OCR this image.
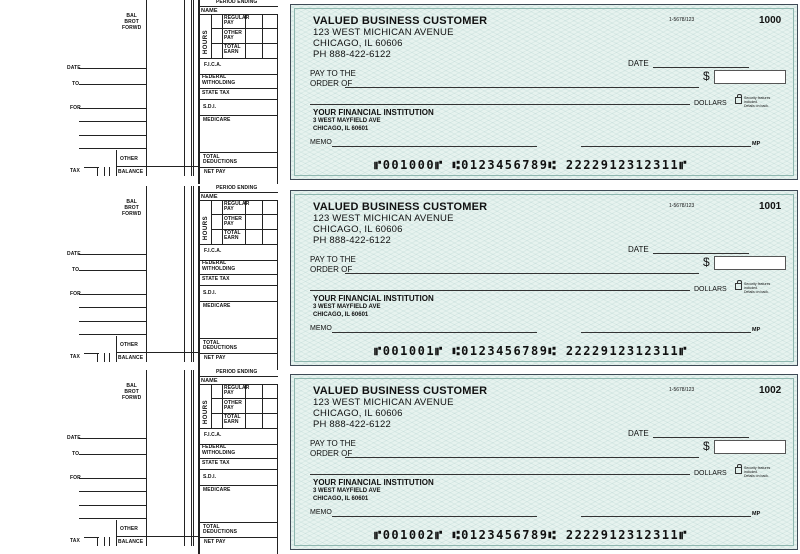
PERIOD ENDING
NAME
BAL
BROT
FORWD
HOURS
REGULAR
PAY
OTHER
PAY
TOTAL
EARN
DATE
TO
FOR
F.I.C.A.
FEDERAL
WITHOLDING
STATE TAX
S.D.I.
MEDICARE
OTHER	TOTAL
DEDUCTIONS
TAX	BALANCE	NET PAY
VALUED BUSINESS CUSTOMER
123 WEST MICHICAN AVENUE
CHICAGO, IL 60606
PH 888-422-6122
1-5678/123	1000
DATE
PAY TO THE
ORDER OF	$
DOLLARS
Security features
included.
Details on back.
YOUR FINANCIAL INSTITUTION
3 WEST MAYFIELD AVE
CHICAGO, IL 60601
MEMO	MP
⑈001000⑈ ⑆0123456789⑆ 2222912312311⑈
PERIOD ENDING
NAME
BAL
BROT
FORWD
HOURS
REGULAR
PAY
OTHER
PAY
TOTAL
EARN
DATE
TO
FOR
F.I.C.A.
FEDERAL
WITHOLDING
STATE TAX
S.D.I.
MEDICARE
OTHER	TOTAL
DEDUCTIONS
TAX	BALANCE	NET PAY
VALUED BUSINESS CUSTOMER
123 WEST MICHICAN AVENUE
CHICAGO, IL 60606
PH 888-422-6122
1-5678/123	1001
DATE
PAY TO THE
ORDER OF	$
DOLLARS
Security features
included.
Details on back.
YOUR FINANCIAL INSTITUTION
3 WEST MAYFIELD AVE
CHICAGO, IL 60601
MEMO	MP
⑈001001⑈ ⑆0123456789⑆ 2222912312311⑈
PERIOD ENDING
NAME
BAL
BROT
FORWD
HOURS
REGULAR
PAY
OTHER
PAY
TOTAL
EARN
DATE
TO
FOR
F.I.C.A.
FEDERAL
WITHOLDING
STATE TAX
S.D.I.
MEDICARE
OTHER	TOTAL
DEDUCTIONS
TAX	BALANCE	NET PAY
VALUED BUSINESS CUSTOMER
123 WEST MICHICAN AVENUE
CHICAGO, IL 60606
PH 888-422-6122
1-5678/123	1002
DATE
PAY TO THE
ORDER OF	$
DOLLARS
Security features
included.
Details on back.
YOUR FINANCIAL INSTITUTION
3 WEST MAYFIELD AVE
CHICAGO, IL 60601
MEMO	MP
⑈001002⑈ ⑆0123456789⑆ 2222912312311⑈
